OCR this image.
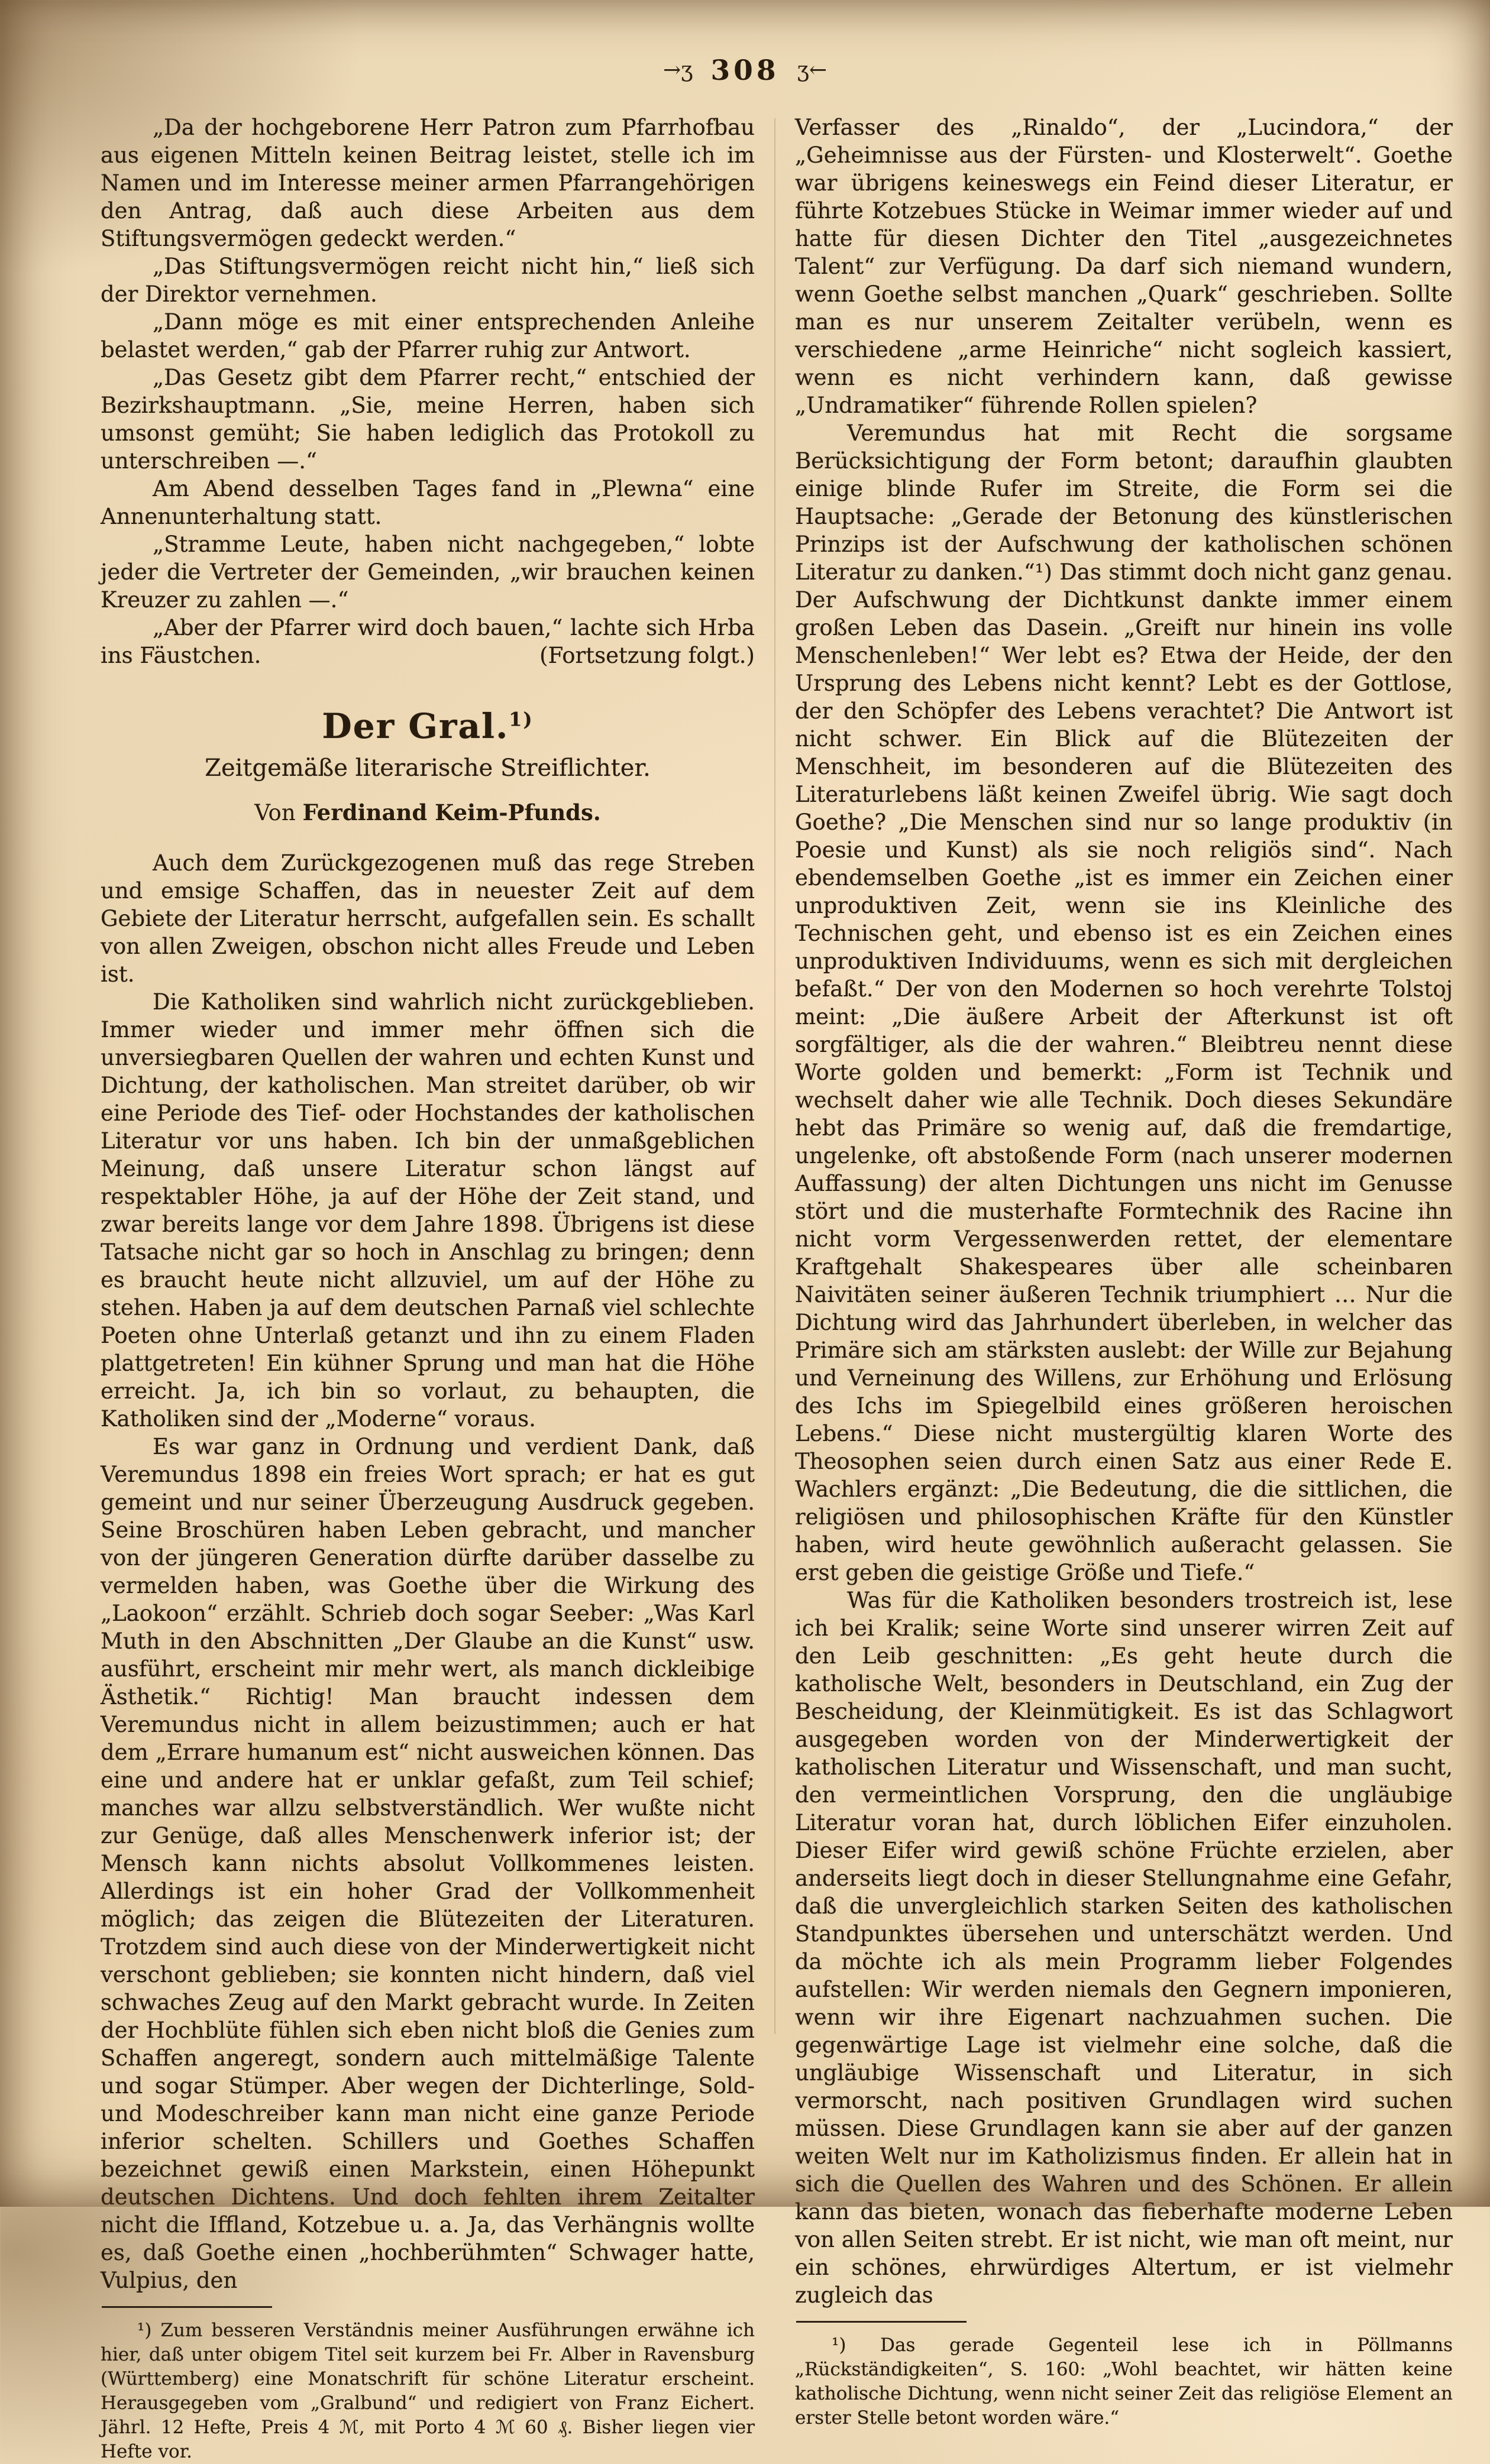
→ʒ 308 ʒ←

„Da der hochgeborene Herr Patron zum Pfarrhofbau aus eigenen Mitteln keinen Beitrag leistet, stelle ich im Namen und im Interesse meiner armen Pfarrangehörigen den Antrag, daß auch diese Arbeiten aus dem Stiftungsvermögen gedeckt werden.“

„Das Stiftungsvermögen reicht nicht hin,“ ließ sich der Direktor vernehmen.

„Dann möge es mit einer entsprechenden Anleihe belastet werden,“ gab der Pfarrer ruhig zur Antwort.

„Das Gesetz gibt dem Pfarrer recht,“ entschied der Bezirkshauptmann. „Sie, meine Herren, haben sich umsonst gemüht; Sie haben lediglich das Protokoll zu unterschreiben —.“

Am Abend desselben Tages fand in „Plewna“ eine Annenunterhaltung statt.

„Stramme Leute, haben nicht nachgegeben,“ lobte jeder die Vertreter der Gemeinden, „wir brauchen keinen Kreuzer zu zahlen —.“

„Aber der Pfarrer wird doch bauen,“ lachte sich Hrba ins Fäustchen.	(Fortsetzung folgt.)

Der Gral.$^{1)}$
Zeitgemäße literarische Streiflichter.
Von Ferdinand Keim-Pfunds.

Auch dem Zurückgezogenen muß das rege Streben und emsige Schaffen, das in neuester Zeit auf dem Gebiete der Literatur herrscht, aufgefallen sein. Es schallt von allen Zweigen, obschon nicht alles Freude und Leben ist.

Die Katholiken sind wahrlich nicht zurückgeblieben. Immer wieder und immer mehr öffnen sich die unversiegbaren Quellen der wahren und echten Kunst und Dichtung, der katholischen. Man streitet darüber, ob wir eine Periode des Tief- oder Hochstandes der katholischen Literatur vor uns haben. Ich bin der unmaßgeblichen Meinung, daß unsere Literatur schon längst auf respektabler Höhe, ja auf der Höhe der Zeit stand, und zwar bereits lange vor dem Jahre 1898. Übrigens ist diese Tatsache nicht gar so hoch in Anschlag zu bringen; denn es braucht heute nicht allzuviel, um auf der Höhe zu stehen. Haben ja auf dem deutschen Parnaß viel schlechte Poeten ohne Unterlaß getanzt und ihn zu einem Fladen plattgetreten! Ein kühner Sprung und man hat die Höhe erreicht. Ja, ich bin so vorlaut, zu behaupten, die Katholiken sind der „Moderne“ voraus.

Es war ganz in Ordnung und verdient Dank, daß Veremundus 1898 ein freies Wort sprach; er hat es gut gemeint und nur seiner Überzeugung Ausdruck gegeben. Seine Broschüren haben Leben gebracht, und mancher von der jüngeren Generation dürfte darüber dasselbe zu vermelden haben, was Goethe über die Wirkung des „Laokoon“ erzählt. Schrieb doch sogar Seeber: „Was Karl Muth in den Abschnitten „Der Glaube an die Kunst“ usw. ausführt, erscheint mir mehr wert, als manch dickleibige Ästhetik.“ Richtig! Man braucht indessen dem Veremundus nicht in allem beizustimmen; auch er hat dem „Errare humanum est“ nicht ausweichen können. Das eine und andere hat er unklar gefaßt, zum Teil schief; manches war allzu selbstverständlich. Wer wußte nicht zur Genüge, daß alles Menschenwerk inferior ist; der Mensch kann nichts absolut Vollkommenes leisten. Allerdings ist ein hoher Grad der Vollkommenheit möglich; das zeigen die Blütezeiten der Literaturen. Trotzdem sind auch diese von der Minderwertigkeit nicht verschont geblieben; sie konnten nicht hindern, daß viel schwaches Zeug auf den Markt gebracht wurde. In Zeiten der Hochblüte fühlen sich eben nicht bloß die Genies zum Schaffen angeregt, sondern auch mittelmäßige Talente und sogar Stümper. Aber wegen der Dichterlinge, Sold- und Modeschreiber kann man nicht eine ganze Periode inferior schelten. Schillers und Goethes Schaffen bezeichnet gewiß einen Markstein, einen Höhepunkt deutschen Dichtens. Und doch fehlten ihrem Zeitalter nicht die Iffland, Kotzebue u. a. Ja, das Verhängnis wollte es, daß Goethe einen „hochberühmten“ Schwager hatte, Vulpius, den

¹) Zum besseren Verständnis meiner Ausführungen erwähne ich hier, daß unter obigem Titel seit kurzem bei Fr. Alber in Ravensburg (Württemberg) eine Monatschrift für schöne Literatur erscheint. Herausgegeben vom „Gralbund“ und redigiert von Franz Eichert. Jährl. 12 Hefte, Preis 4 ℳ, mit Porto 4 ℳ 60 ₰. Bisher liegen vier Hefte vor.

Verfasser des „Rinaldo“, der „Lucindora,“ der „Geheimnisse aus der Fürsten- und Klosterwelt“. Goethe war übrigens keineswegs ein Feind dieser Literatur, er führte Kotzebues Stücke in Weimar immer wieder auf und hatte für diesen Dichter den Titel „ausgezeichnetes Talent“ zur Verfügung. Da darf sich niemand wundern, wenn Goethe selbst manchen „Quark“ geschrieben. Sollte man es nur unserem Zeitalter verübeln, wenn es verschiedene „arme Heinriche“ nicht sogleich kassiert, wenn es nicht verhindern kann, daß gewisse „Undramatiker“ führende Rollen spielen?

Veremundus hat mit Recht die sorgsame Berücksichtigung der Form betont; daraufhin glaubten einige blinde Rufer im Streite, die Form sei die Hauptsache: „Gerade der Betonung des künstlerischen Prinzips ist der Aufschwung der katholischen schönen Literatur zu danken.“¹) Das stimmt doch nicht ganz genau. Der Aufschwung der Dichtkunst dankte immer einem großen Leben das Dasein. „Greift nur hinein ins volle Menschenleben!“ Wer lebt es? Etwa der Heide, der den Ursprung des Lebens nicht kennt? Lebt es der Gottlose, der den Schöpfer des Lebens verachtet? Die Antwort ist nicht schwer. Ein Blick auf die Blütezeiten der Menschheit, im besonderen auf die Blütezeiten des Literaturlebens läßt keinen Zweifel übrig. Wie sagt doch Goethe? „Die Menschen sind nur so lange produktiv (in Poesie und Kunst) als sie noch religiös sind“. Nach ebendemselben Goethe „ist es immer ein Zeichen einer unproduktiven Zeit, wenn sie ins Kleinliche des Technischen geht, und ebenso ist es ein Zeichen eines unproduktiven Individuums, wenn es sich mit dergleichen befaßt.“ Der von den Modernen so hoch verehrte Tolstoj meint: „Die äußere Arbeit der Afterkunst ist oft sorgfältiger, als die der wahren.“ Bleibtreu nennt diese Worte golden und bemerkt: „Form ist Technik und wechselt daher wie alle Technik. Doch dieses Sekundäre hebt das Primäre so wenig auf, daß die fremdartige, ungelenke, oft abstoßende Form (nach unserer modernen Auffassung) der alten Dichtungen uns nicht im Genusse stört und die musterhafte Formtechnik des Racine ihn nicht vorm Vergessenwerden rettet, der elementare Kraftgehalt Shakespeares über alle scheinbaren Naivitäten seiner äußeren Technik triumphiert … Nur die Dichtung wird das Jahrhundert überleben, in welcher das Primäre sich am stärksten auslebt: der Wille zur Bejahung und Verneinung des Willens, zur Erhöhung und Erlösung des Ichs im Spiegelbild eines größeren heroischen Lebens.“ Diese nicht mustergültig klaren Worte des Theosophen seien durch einen Satz aus einer Rede E. Wachlers ergänzt: „Die Bedeutung, die die sittlichen, die religiösen und philosophischen Kräfte für den Künstler haben, wird heute gewöhnlich außeracht gelassen. Sie erst geben die geistige Größe und Tiefe.“

Was für die Katholiken besonders trostreich ist, lese ich bei Kralik; seine Worte sind unserer wirren Zeit auf den Leib geschnitten: „Es geht heute durch die katholische Welt, besonders in Deutschland, ein Zug der Bescheidung, der Kleinmütigkeit. Es ist das Schlagwort ausgegeben worden von der Minderwertigkeit der katholischen Literatur und Wissenschaft, und man sucht, den vermeintlichen Vorsprung, den die ungläubige Literatur voran hat, durch löblichen Eifer einzuholen. Dieser Eifer wird gewiß schöne Früchte erzielen, aber anderseits liegt doch in dieser Stellungnahme eine Gefahr, daß die unvergleichlich starken Seiten des katholischen Standpunktes übersehen und unterschätzt werden. Und da möchte ich als mein Programm lieber Folgendes aufstellen: Wir werden niemals den Gegnern imponieren, wenn wir ihre Eigenart nachzuahmen suchen. Die gegenwärtige Lage ist vielmehr eine solche, daß die ungläubige Wissenschaft und Literatur, in sich vermorscht, nach positiven Grundlagen wird suchen müssen. Diese Grundlagen kann sie aber auf der ganzen weiten Welt nur im Katholizismus finden. Er allein hat in sich die Quellen des Wahren und des Schönen. Er allein kann das bieten, wonach das fieberhafte moderne Leben von allen Seiten strebt. Er ist nicht, wie man oft meint, nur ein schönes, ehrwürdiges Altertum, er ist vielmehr zugleich das

¹) Das gerade Gegenteil lese ich in Pöllmanns „Rückständigkeiten“, S. 160: „Wohl beachtet, wir hätten keine katholische Dichtung, wenn nicht seiner Zeit das religiöse Element an erster Stelle betont worden wäre.“
